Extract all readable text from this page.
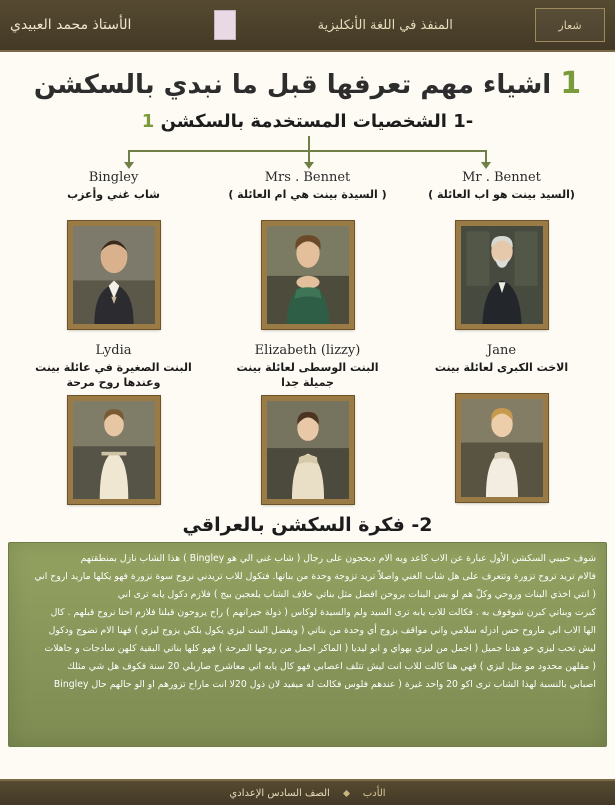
شعار
المنفذ في اللغة الأنكليزية
الأستاذ محمد العبيدي
1 اشياء مهم تعرفها قبل ما نبدي بالسكشن
-1 الشخصيات المستخدمة بالسكشن 1
Bingley
شاب غني وأعزب
Mrs . Bennet
( السيدة بينت هي ام العائلة )
Mr . Bennet
(السيد بينت هو اب العائلة )
Lydia
البنت الصغيرة في عائلة بينت وعندها روح مرحة
Elizabeth (lizzy)
البنت الوسطى لعائلة بينت جميلة جدا
Jane
الاخت الكبرى لعائلة بينت
2- فكرة السكشن بالعراقي

شوف حبيبي السكشن الأول عبارة عن الاب كاعد ويه الام ديحجون على رجال ( شاب غني الي هو Bingley ) هذا الشاب نازل بمنطقتهم

فالام تريد تروح تزورة وتتعرف على هل شاب الغني واصلاً تريد تزوجة وحدة من بناتها. فتكول للاب تريدني نروح سوة نزورة فهو يكلها ماريد اروح اني

( انتي اخذي البنات وروحي وكلّ هم لو بس البنات يروحن افضل مثل بناتي خلاف الشاب يلعجبن بيج ) فلازم دكول يابه ترى اني

كبرت وبناتي كبرن شوفوف به . فكالت للاب يابه ترى السيد ولم والسيدة لوكاس ( ذولة جيرانهم ) راح يروحون قبلنا فلازم احنا نروح قبلهم . كال

الها الاب اني ماروح حس ادزله سلامي واني مواقف يزوج أي وحدة من بناتي ( ويفضل البنت ليزي يكول بلكي يزوج ليزي ) فهنا الام تضوج ودكول

ليش تحب ليزي خو هدنا جميل ( اجمل من ليزي بهواي و ابو ليديا ( الماكر اجمل من روحها المرحة ) فهو كلها بناتي البقية كلهن سادجات و جاهلات

( مقلهن محدود مو مثل ليزي ) فهي هنا كالت للاب انت ليش تتلف اعصابي فهو كال يابه اني معاشرج صاربلي 20 سنة فكوف هل شي مثلك

اصبابي بالنسبة لهذا الشاب ترى اكو 20 واحد غيرة ( عندهم فلوس فكالت له ميفيد لان ذول 20لا انت ماراح تزورهم او الو حالهم حال Bingley

الأدب
الصف السادس الإعدادي
